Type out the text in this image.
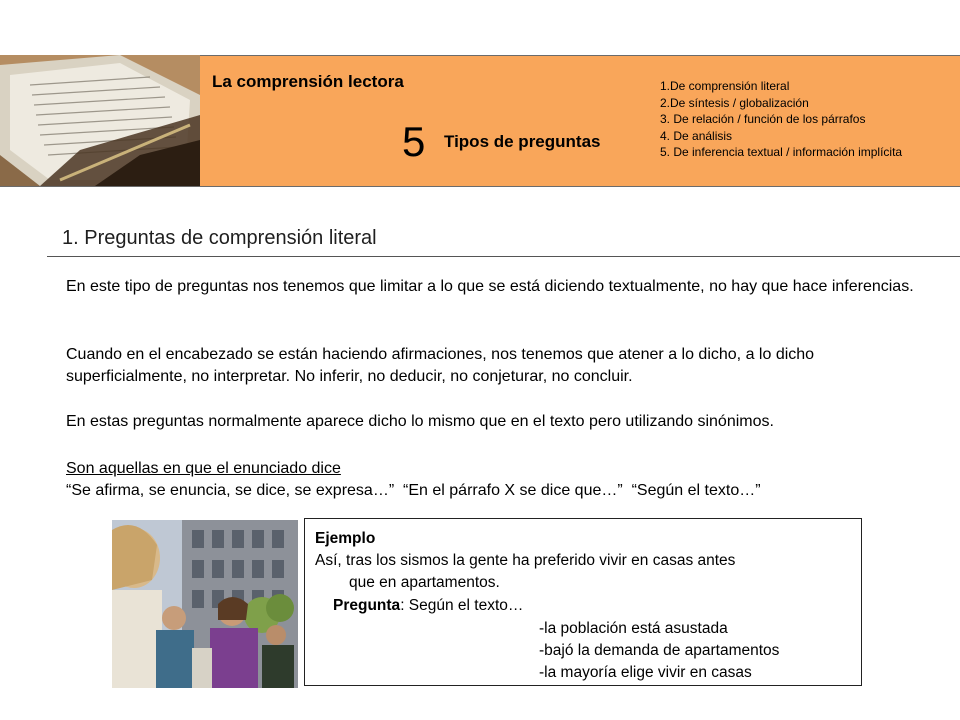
La comprensión lectora
5 Tipos de preguntas
1.De comprensión literal
2.De síntesis / globalización
3. De relación / función de los párrafos
4. De análisis
5. De inferencia textual / información implícita
1. Preguntas de comprensión literal

En este tipo de preguntas nos tenemos que limitar a lo que se está diciendo textualmente, no hay que hace inferencias.

Cuando en el encabezado se están haciendo afirmaciones, nos tenemos que atener a lo dicho, a lo dicho superficialmente, no interpretar. No inferir, no deducir, no conjeturar, no concluir.

En estas preguntas normalmente aparece dicho lo mismo que en el texto pero utilizando sinónimos.

Son aquellas en que el enunciado dice

“Se afirma, se enuncia, se dice, se expresa…”  “En el párrafo X se dice que…”  “Según el texto…”

Ejemplo
Así, tras los sismos la gente ha preferido vivir en casas antes
que en apartamentos.
Pregunta: Según el texto…
-la población está asustada
-bajó la demanda de apartamentos
-la mayoría elige vivir en casas
